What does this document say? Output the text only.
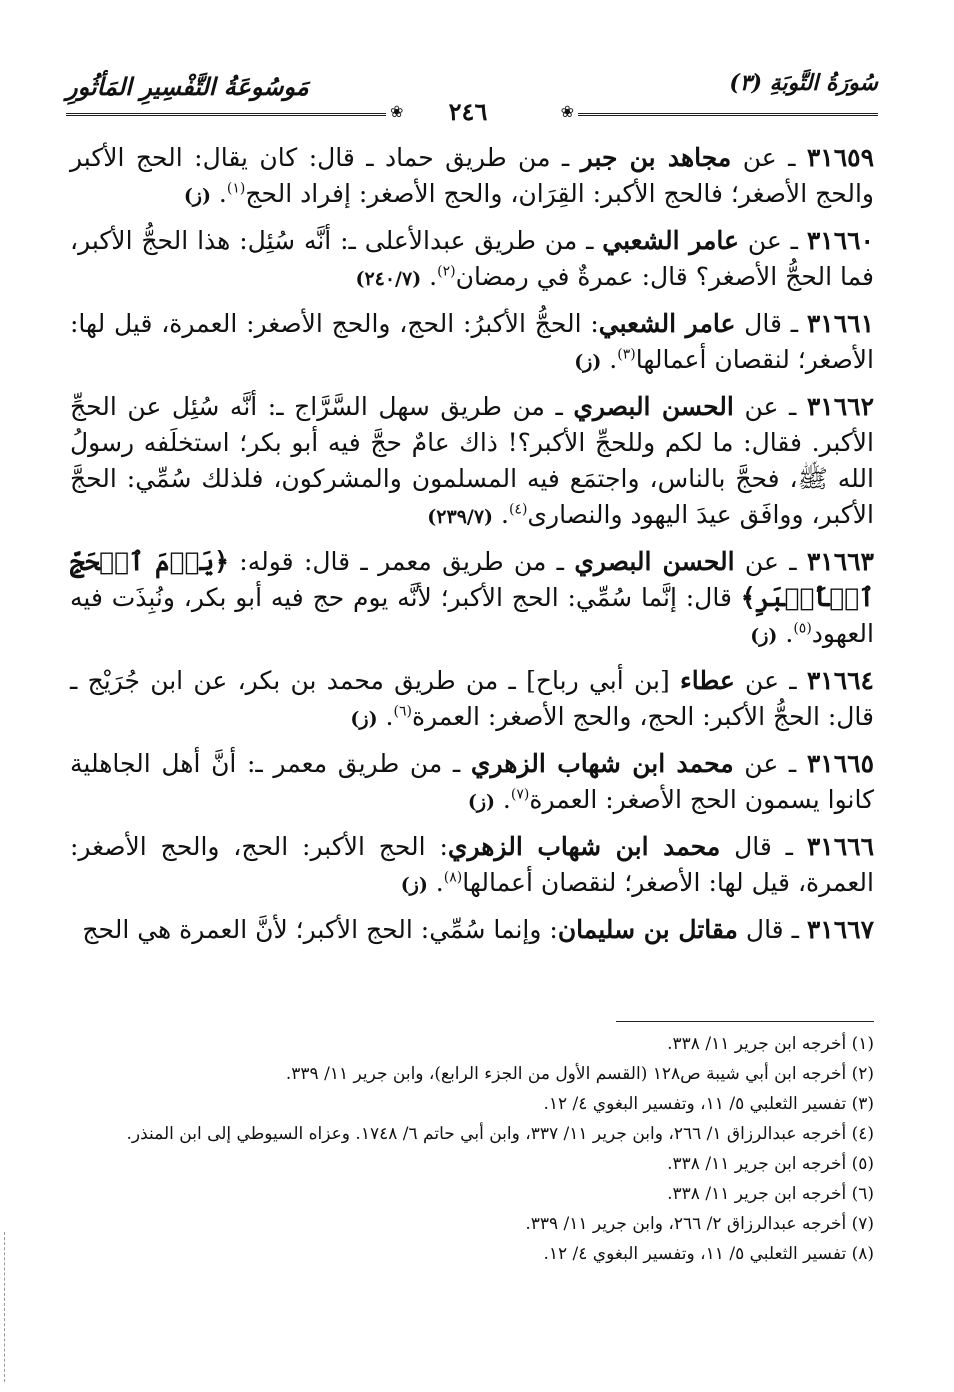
سُورَةُ التَّوبَةِ (٣)
مَوسُوعَةُ التَّفْسِيرِ المَأثُورِ
❀
٢٤٦
❀

٣١٦٥٩ ـ عن مجاهد بن جبر ـ من طريق حماد ـ قال: كان يقال: الحج الأكبر والحج الأصغر؛ فالحج الأكبر: القِرَان، والحج الأصغر: إفراد الحج$^{(١)}$. (ز)

٣١٦٦٠ ـ عن عامر الشعبي ـ من طريق عبدالأعلى ـ: أنَّه سُئِل: هذا الحجُّ الأكبر، فما الحجُّ الأصغر؟ قال: عمرةٌ في رمضان$^{(٢)}$. (٢٤٠/٧)

٣١٦٦١ ـ قال عامر الشعبي: الحجُّ الأكبرُ: الحج، والحج الأصغر: العمرة، قيل لها: الأصغر؛ لنقصان أعمالها$^{(٣)}$. (ز)

٣١٦٦٢ ـ عن الحسن البصري ـ من طريق سهل السَّرَّاج ـ: أنَّه سُئِل عن الحجِّ الأكبر. فقال: ما لكم وللحجِّ الأكبر؟! ذاك عامٌ حجَّ فيه أبو بكر؛ استخلَفه رسولُ الله ﷺ، فحجَّ بالناس، واجتمَع فيه المسلمون والمشركون، فلذلك سُمِّي: الحجَّ الأكبر، ووافَق عيدَ اليهود والنصارى$^{(٤)}$. (٢٣٩/٧)

٣١٦٦٣ ـ عن الحسن البصري ـ من طريق معمر ـ قال: قوله: ﴿يَوۡمَ ٱلۡحَجِّ ٱلۡأَكۡبَرِ﴾ قال: إنَّما سُمِّي: الحج الأكبر؛ لأنَّه يوم حج فيه أبو بكر، ونُبِذَت فيه العهود$^{(٥)}$. (ز)

٣١٦٦٤ ـ عن عطاء [بن أبي رباح] ـ من طريق محمد بن بكر، عن ابن جُرَيْج ـ قال: الحجُّ الأكبر: الحج، والحج الأصغر: العمرة$^{(٦)}$. (ز)

٣١٦٦٥ ـ عن محمد ابن شهاب الزهري ـ من طريق معمر ـ: أنَّ أهل الجاهلية كانوا يسمون الحج الأصغر: العمرة$^{(٧)}$. (ز)

٣١٦٦٦ ـ قال محمد ابن شهاب الزهري: الحج الأكبر: الحج، والحج الأصغر: العمرة، قيل لها: الأصغر؛ لنقصان أعمالها$^{(٨)}$. (ز)

٣١٦٦٧ ـ قال مقاتل بن سليمان: وإنما سُمِّي: الحج الأكبر؛ لأنَّ العمرة هي الحج

(١) أخرجه ابن جرير ١١/ ٣٣٨.
(٢) أخرجه ابن أبي شيبة ص١٢٨ (القسم الأول من الجزء الرابع)، وابن جرير ١١/ ٣٣٩.
(٣) تفسير الثعلبي ٥/ ١١، وتفسير البغوي ٤/ ١٢.
(٤) أخرجه عبدالرزاق ١/ ٢٦٦، وابن جرير ١١/ ٣٣٧، وابن أبي حاتم ٦/ ١٧٤٨. وعزاه السيوطي إلى ابن المنذر.
(٥) أخرجه ابن جرير ١١/ ٣٣٨.
(٦) أخرجه ابن جرير ١١/ ٣٣٨.
(٧) أخرجه عبدالرزاق ٢/ ٢٦٦، وابن جرير ١١/ ٣٣٩.
(٨) تفسير الثعلبي ٥/ ١١، وتفسير البغوي ٤/ ١٢.
